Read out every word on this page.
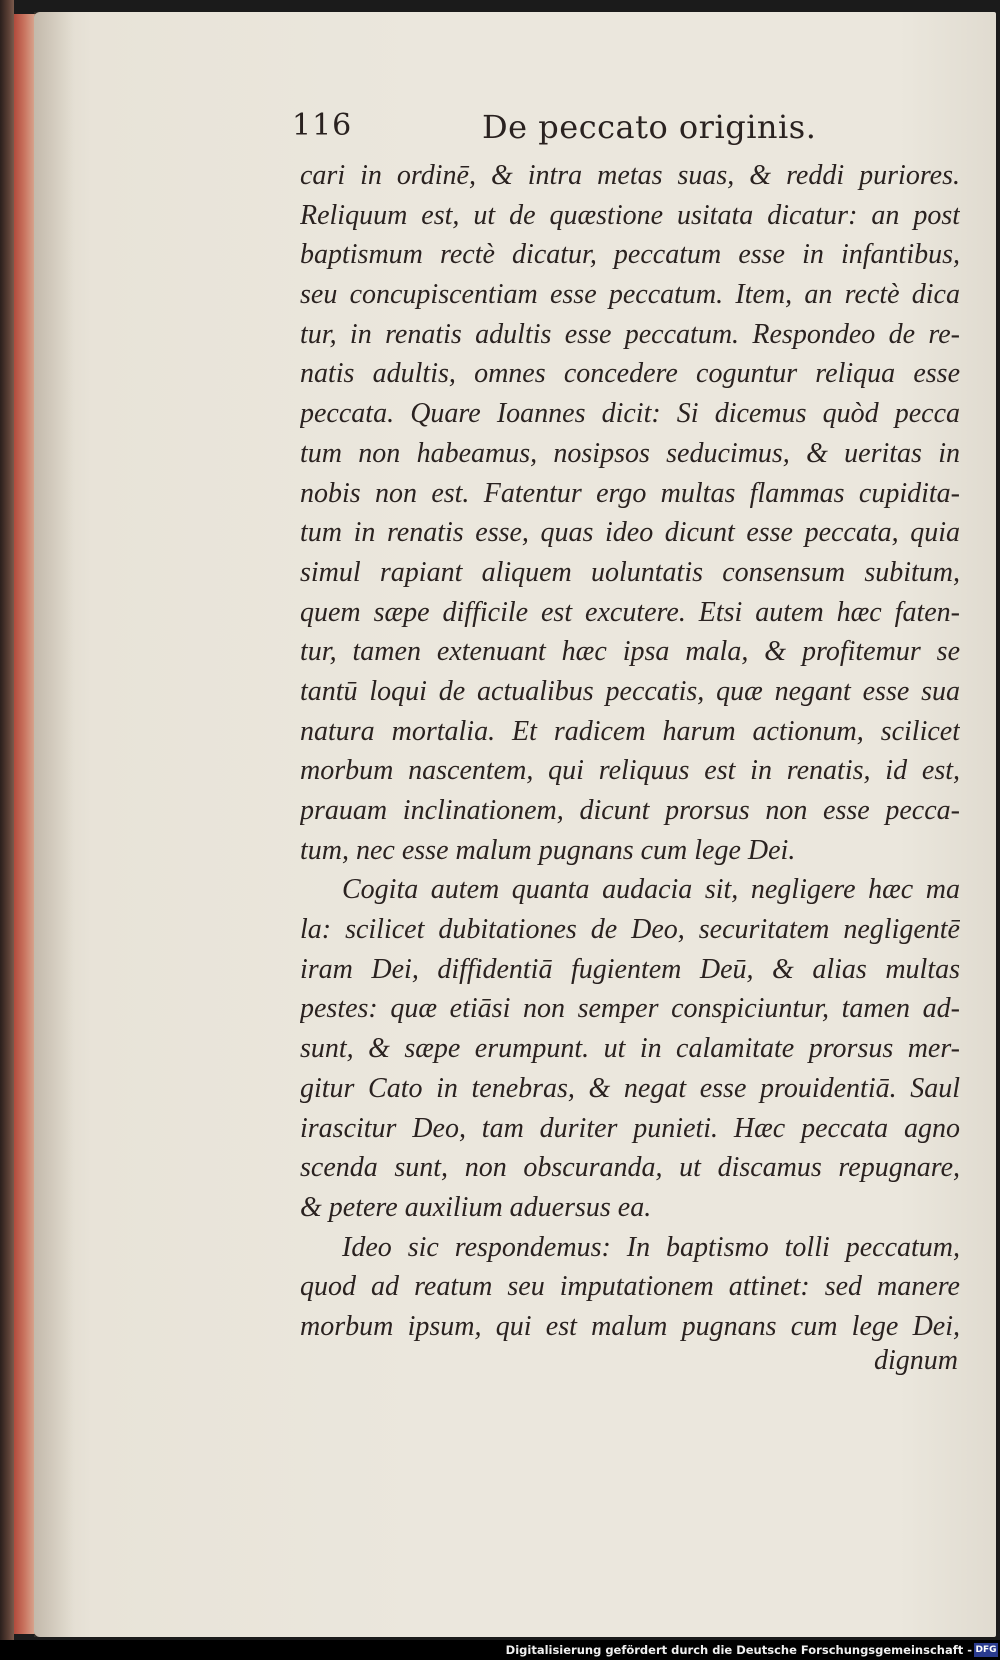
116	De peccato originis.
cari in ordinē, & intra metas suas, & reddi puriores.
Reliquum est, ut de quæstione usitata dicatur: an post
baptismum rectè dicatur, peccatum esse in infantibus,
seu concupiscentiam esse peccatum. Item, an rectè dica
tur, in renatis adultis esse peccatum. Respondeo de re-
natis adultis, omnes concedere coguntur reliqua esse
peccata. Quare Ioannes dicit: Si dicemus quòd pecca
tum non habeamus, nosipsos seducimus, & ueritas in
nobis non est. Fatentur ergo multas flammas cupidita-
tum in renatis esse, quas ideo dicunt esse peccata, quia
simul rapiant aliquem uoluntatis consensum subitum,
quem sæpe difficile est excutere. Etsi autem hæc faten-
tur, tamen extenuant hæc ipsa mala, & profitemur se
tantū loqui de actualibus peccatis, quæ negant esse sua
natura mortalia. Et radicem harum actionum, scilicet
morbum nascentem, qui reliquus est in renatis, id est,
prauam inclinationem, dicunt prorsus non esse pecca-
tum, nec esse malum pugnans cum lege Dei.
Cogita autem quanta audacia sit, negligere hæc ma
la: scilicet dubitationes de Deo, securitatem negligentē
iram Dei, diffidentiā fugientem Deū, & alias multas
pestes: quæ etiāsi non semper conspiciuntur, tamen ad-
sunt, & sæpe erumpunt. ut in calamitate prorsus mer-
gitur Cato in tenebras, & negat esse prouidentiā. Saul
irascitur Deo, tam duriter punieti. Hæc peccata agno
scenda sunt, non obscuranda, ut discamus repugnare,
& petere auxilium aduersus ea.
Ideo sic respondemus: In baptismo tolli peccatum,
quod ad reatum seu imputationem attinet: sed manere
morbum ipsum, qui est malum pugnans cum lege Dei,
dignum
Digitalisierung gefördert durch die Deutsche Forschungsgemeinschaft - DFG
